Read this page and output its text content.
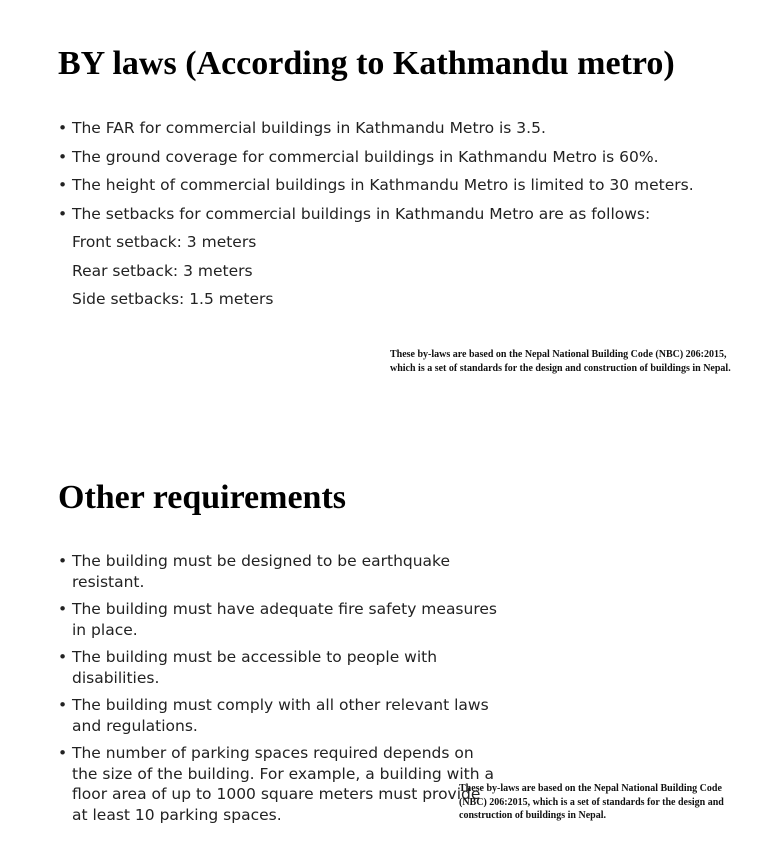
BY laws (According to Kathmandu metro)
• The FAR for commercial buildings in Kathmandu Metro is 3.5.
• The ground coverage for commercial buildings in Kathmandu Metro is 60%.
• The height of commercial buildings in Kathmandu Metro is limited to 30 meters.
• The setbacks for commercial buildings in Kathmandu Metro are as follows:
Front setback: 3 meters
Rear setback: 3 meters
Side setbacks: 1.5 meters

These by-laws are based on the Nepal National Building Code (NBC) 206:2015, which is a set of standards for the design and construction of buildings in Nepal.

Other requirements
• The building must be designed to be earthquake resistant.
• The building must have adequate fire safety measures in place.
• The building must be accessible to people with disabilities.
• The building must comply with all other relevant laws and regulations.
• The number of parking spaces required depends on the size of the building. For example, a building with a floor area of up to 1000 square meters must provide at least 10 parking spaces.

These by-laws are based on the Nepal National Building Code (NBC) 206:2015, which is a set of standards for the design and construction of buildings in Nepal.
